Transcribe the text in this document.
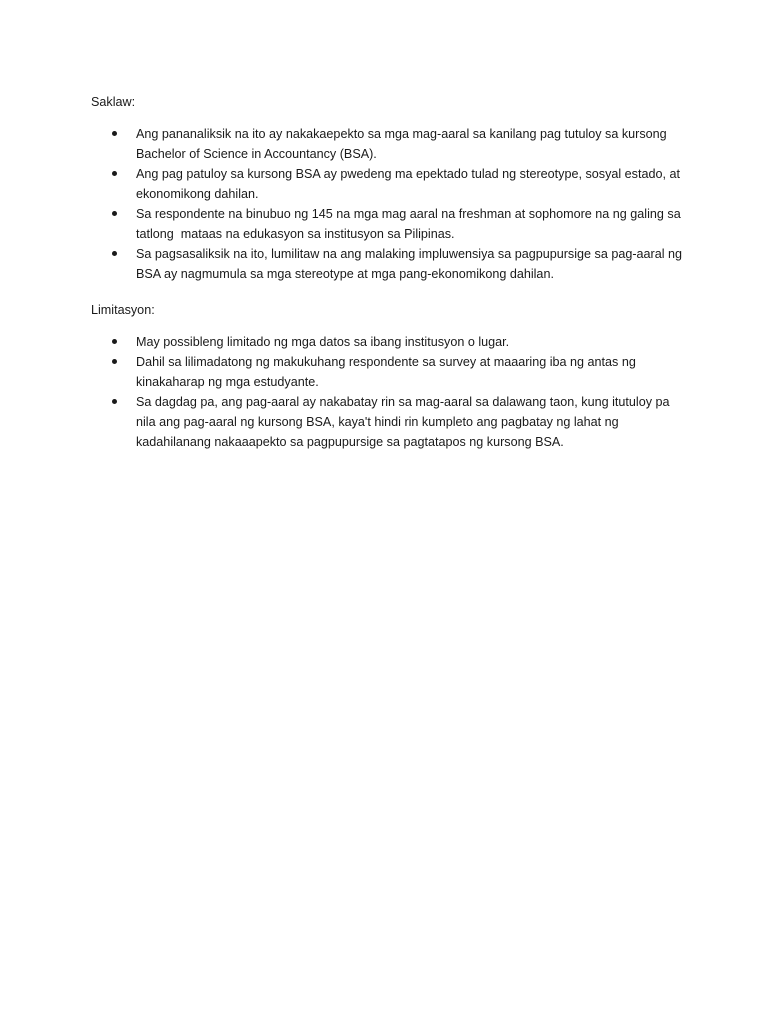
Saklaw:

Ang pananaliksik na ito ay nakakaepekto sa mga mag-aaral sa kanilang pag tutuloy sa kursong Bachelor of Science in Accountancy (BSA).
Ang pag patuloy sa kursong BSA ay pwedeng ma epektado tulad ng stereotype, sosyal estado, at ekonomikong dahilan.
Sa respondente na binubuo ng 145 na mga mag aaral na freshman at sophomore na ng galing sa tatlong  mataas na edukasyon sa institusyon sa Pilipinas.
Sa pagsasaliksik na ito, lumilitaw na ang malaking impluwensiya sa pagpupursige sa pag-aaral ng BSA ay nagmumula sa mga stereotype at mga pang-ekonomikong dahilan.

Limitasyon:

May possibleng limitado ng mga datos sa ibang institusyon o lugar.
Dahil sa lilimadatong ng makukuhang respondente sa survey at maaaring iba ng antas ng kinakaharap ng mga estudyante.
Sa dagdag pa, ang pag-aaral ay nakabatay rin sa mag-aaral sa dalawang taon, kung itutuloy pa nila ang pag-aaral ng kursong BSA, kaya't hindi rin kumpleto ang pagbatay ng lahat ng kadahilanang nakaaapekto sa pagpupursige sa pagtatapos ng kursong BSA.
